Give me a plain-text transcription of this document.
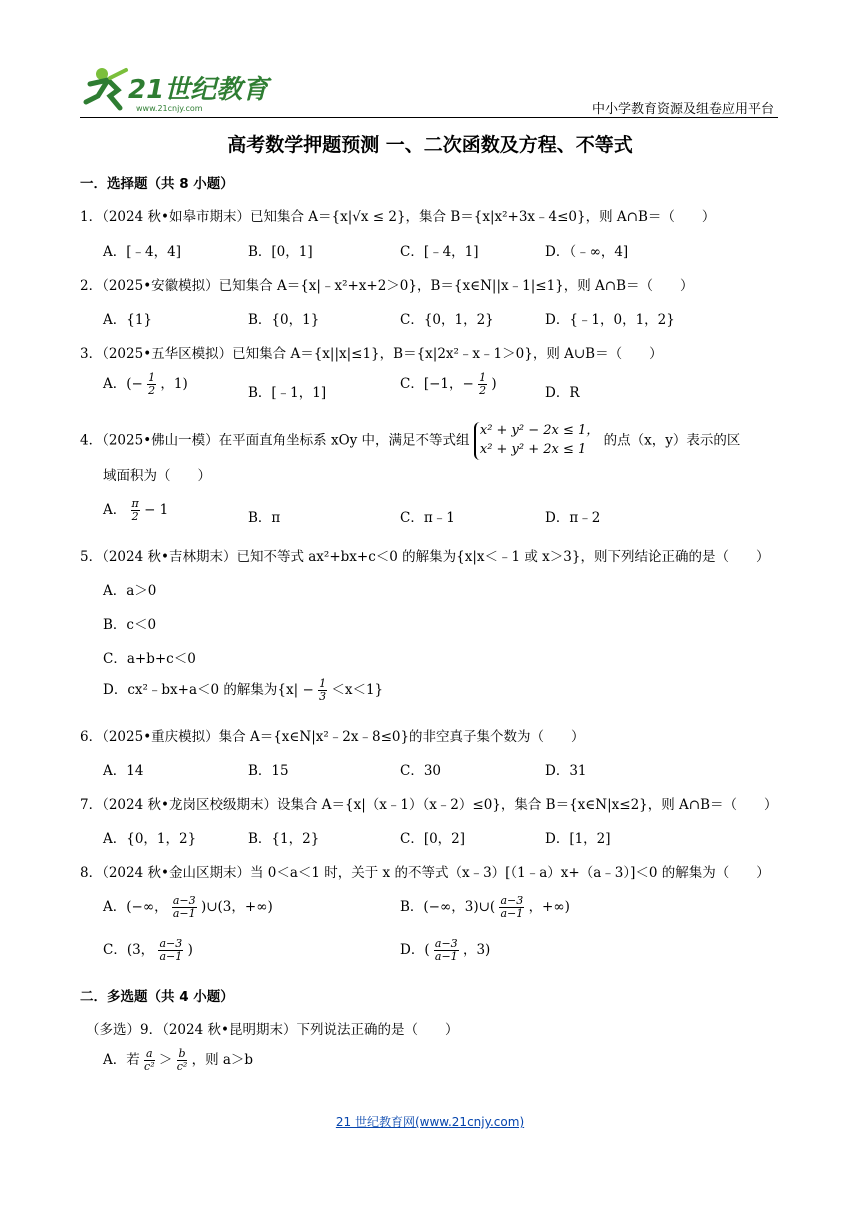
21世纪教育
www.21cnjy.com	中小学教育资源及组卷应用平台
高考数学押题预测 一、二次函数及方程、不等式
一．选择题（共 8 小题）
1．（2024 秋•如皋市期末）已知集合 A＝{x|√x ≤ 2}，集合 B＝{x|x²+3x﹣4≤0}，则 A∩B＝（　　）
A．[﹣4，4]	B．[0，1]	C．[﹣4，1]	D．（﹣∞，4]
2．（2025•安徽模拟）已知集合 A＝{x|﹣x²+x+2＞0}，B＝{x∈N||x﹣1|≤1}，则 A∩B＝（　　）
A．{1}	B．{0，1}	C．{0，1，2}	D．{﹣1，0，1，2}
3．（2025•五华区模拟）已知集合 A＝{x||x|≤1}，B＝{x|2x²﹣x﹣1＞0}，则 A∪B＝（　　）
A．(− $\frac{1}{2}$ ，1)
B．[﹣1，1]
C．[−1，− $\frac{1}{2}$ )
D．R
4．（2025•佛山一模）在平面直角坐标系 xOy 中，满足不等式组
x² + y² − 2x ≤ 1，
x² + y² + 2x ≤ 1
的点（x，y）表示的区
域面积为（　　）
A． $\frac{\pi}{2} - 1$	B．π	C．π﹣1	D．π﹣2
5．（2024 秋•吉林期末）已知不等式 ax²+bx+c＜0 的解集为{x|x＜﹣1 或 x＞3}，则下列结论正确的是（　　）
A．a＞0
B．c＜0
C．a+b+c＜0
D．cx²﹣bx+a＜0 的解集为$\{x| - \frac{1}{3} <x<1\}$
6．（2025•重庆模拟）集合 A＝{x∈N|x²﹣2x﹣8≤0}的非空真子集个数为（　　）
A．14	B．15	C．30	D．31
7．（2024 秋•龙岗区校级期末）设集合 A＝{x|（x﹣1）（x﹣2）≤0}，集合 B＝{x∈N|x≤2}，则 A∩B＝（　　）
A．{0，1，2}	B．{1，2}	C．[0，2]	D．[1，2]
8．（2024 秋•金山区期末）当 0＜a＜1 时，关于 x 的不等式（x﹣3）[（1﹣a）x+（a﹣3）]＜0 的解集为（　　）
A．(−∞， $\frac{a-3}{a-1}$ )∪(3，+∞)	B．(−∞，3)∪( $\frac{a-3}{a-1}$ ，+∞)
C．(3， $\frac{a-3}{a-1}$ )	D．( $\frac{a-3}{a-1}$ ，3)
二．多选题（共 4 小题）
（多选）9．（2024 秋•昆明期末）下列说法正确的是（　　）
A．若 $\frac{a}{\text{c²}} > \frac{b}{\text{c²}}$ ，则 a＞b
21 世纪教育网(www.21cnjy.com)
